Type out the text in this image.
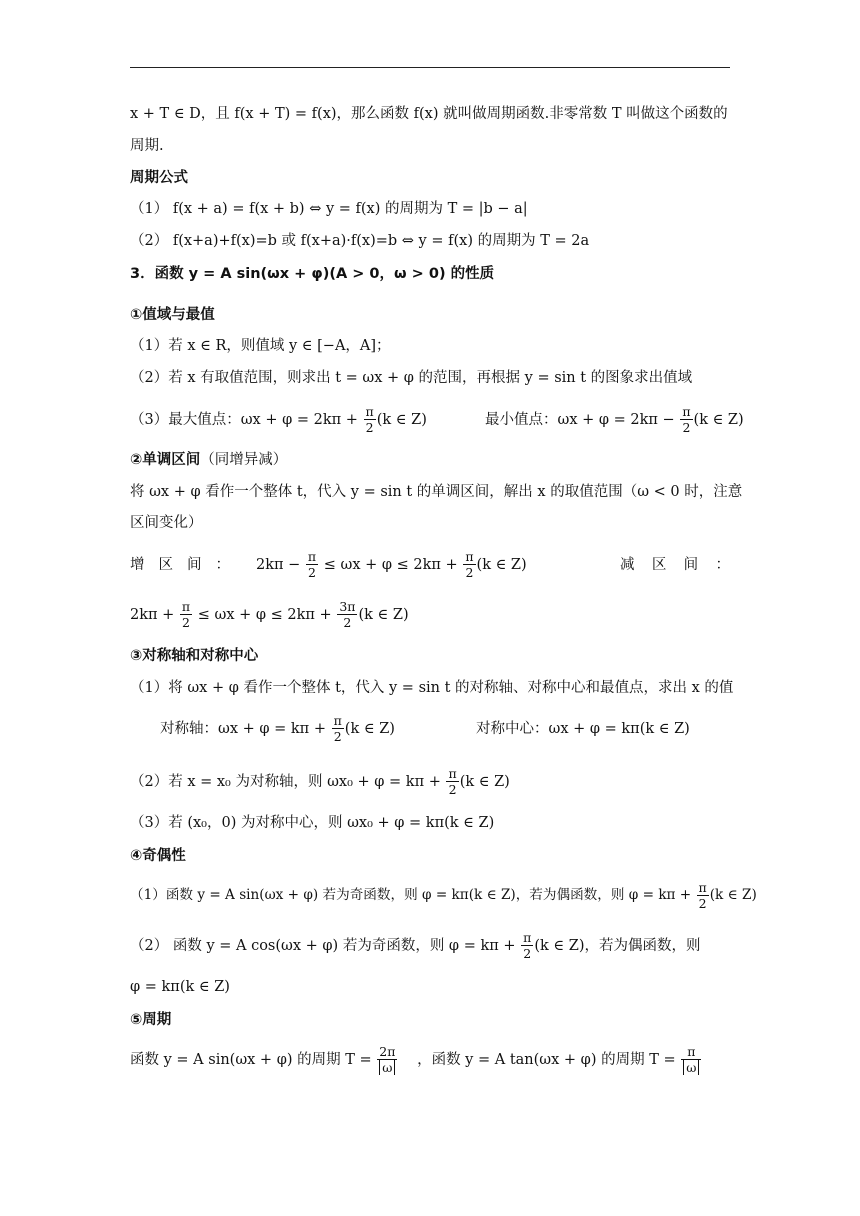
x + T ∈ D，且 f(x + T) = f(x)，那么函数 f(x) 就叫做周期函数.非零常数 T 叫做这个函数的
周期.
周期公式
（1） f(x + a) = f(x + b) ⇔ y = f(x) 的周期为 T = |b − a|
（2） f(x+a)+f(x)=b 或 f(x+a)·f(x)=b ⇔ y = f(x) 的周期为 T = 2a
3．函数 y = A sin(ωx + φ)(A > 0，ω > 0) 的性质
①值域与最值
（1）若 x ∈ R，则值域 y ∈ [−A，A]；
（2）若 x 有取值范围，则求出 t = ωx + φ 的范围，再根据 y = sin t 的图象求出值域
（3）最大值点：$\omega x + \varphi = 2k\pi + \frac{\pi}{2} (k$ ∈ Z)	最小值点：$\omega x + \varphi = 2k\pi - \frac{\pi}{2} (k$ ∈ Z)
②单调区间（同增异减）
将 ωx + φ 看作一个整体 t，代入 y = sin t 的单调区间，解出 x 的取值范围（ω < 0 时，注意
区间变化）
增 区 间 ： $2k\pi - \frac{\pi}{2} \le \omega x + \varphi \le 2k\pi + \frac{\pi}{2} (k$ ∈ Z)	减 区 间 ：
$2k\pi + \frac{\pi}{2} \le \omega x + \varphi \le 2k\pi + \frac{3\pi}{2} (k$ ∈ Z)
③对称轴和对称中心
（1）将 ωx + φ 看作一个整体 t，代入 y = sin t 的对称轴、对称中心和最值点，求出 x 的值
对称轴：$\omega x + \varphi = k\pi + \frac{\pi}{2} (k$ ∈ Z)	对称中心：ωx + φ = kπ(k ∈ Z)
（2）若 x = x₀ 为对称轴，则 $\omega x_0 + \varphi = k\pi + \frac{\pi}{2} (k$ ∈ Z)
（3）若 (x₀，0) 为对称中心，则 ωx₀ + φ = kπ(k ∈ Z)
④奇偶性
（1）函数 y = A sin(ωx + φ) 若为奇函数，则 φ = kπ(k ∈ Z)，若为偶函数，则 $\varphi = k\pi + \frac{\pi}{2} (k$ ∈ Z)
（2） 函数 y = A cos(ωx + φ) 若为奇函数，则 $\varphi = k\pi + \frac{\pi}{2} (k$ ∈ Z)，若为偶函数，则
φ = kπ(k ∈ Z)
⑤周期
函数 y = A sin(ωx + φ) 的周期 $T = \frac{2\pi}{\omega}$ ，函数 y = A tan(ωx + φ) 的周期 $T = \frac{\pi}{\omega}$
